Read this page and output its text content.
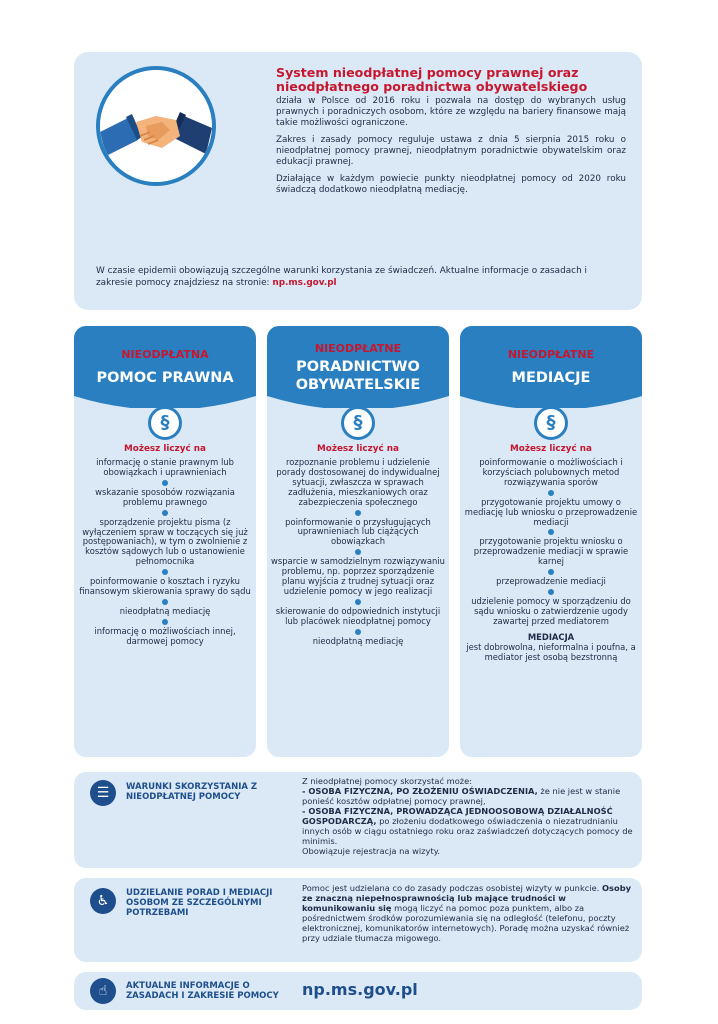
System nieodpłatnej pomocy prawnej oraz
nieodpłatnego poradnictwa obywatelskiego

działa w Polsce od 2016 roku i pozwala na dostęp do wybranych usług prawnych i poradniczych osobom, które ze względu na bariery finansowe mają takie możliwości ograniczone.

Zakres i zasady pomocy reguluje ustawa z dnia 5 sierpnia 2015 roku o nieodpłatnej pomocy prawnej, nieodpłatnym poradnictwie obywatelskim oraz edukacji prawnej.

Działające w każdym powiecie punkty nieodpłatnej pomocy od 2020 roku świadczą dodatkowo nieodpłatną mediację.

W czasie epidemii obowiązują szczególne warunki korzystania ze świadczeń. Aktualne informacje o zasadach i zakresie pomocy znajdziesz na stronie: np.ms.gov.pl
NIEODPŁATNA
POMOC PRAWNA
§
Możesz liczyć na
informację o stanie prawnym lub obowiązkach i uprawnieniach
wskazanie sposobów rozwiązania problemu prawnego
sporządzenie projektu pisma (z wyłączeniem spraw w toczących się już postępowaniach), w tym o zwolnienie z kosztów sądowych lub o ustanowienie pełnomocnika
poinformowanie o kosztach i ryzyku finansowym skierowania sprawy do sądu
nieodpłatną mediację
informację o możliwościach innej, darmowej pomocy
NIEODPŁATNE
PORADNICTWO
OBYWATELSKIE
§
Możesz liczyć na
rozpoznanie problemu i udzielenie porady dostosowanej do indywidualnej sytuacji, zwłaszcza w sprawach zadłużenia, mieszkaniowych oraz zabezpieczenia społecznego
poinformowanie o przysługujących uprawnieniach lub ciążących obowiązkach
wsparcie w samodzielnym rozwiązywaniu problemu, np. poprzez sporządzenie planu wyjścia z trudnej sytuacji oraz udzielenie pomocy w jego realizacji
skierowanie do odpowiednich instytucji lub placówek nieodpłatnej pomocy
nieodpłatną mediację
NIEODPŁATNE
MEDIACJE
§
Możesz liczyć na
poinformowanie o możliwościach i korzyściach polubownych metod rozwiązywania sporów
przygotowanie projektu umowy o mediację lub wniosku o przeprowadzenie mediacji
przygotowanie projektu wniosku o przeprowadzenie mediacji w sprawie karnej
przeprowadzenie mediacji
udzielenie pomocy w sporządzeniu do sądu wniosku o zatwierdzenie ugody zawartej przed mediatorem
MEDIACJA
jest dobrowolna, nieformalna i poufna, a mediator jest osobą bezstronną
☰	WARUNKI SKORZYSTANIA Z NIEODPŁATNEJ POMOCY
Z nieodpłatnej pomocy skorzystać może:
- OSOBA FIZYCZNA, PO ZŁOŻENIU OŚWIADCZENIA, że nie jest w stanie ponieść kosztów odpłatnej pomocy prawnej,
- OSOBA FIZYCZNA, PROWADZĄCA JEDNOOSOBOWĄ DZIAŁALNOŚĆ GOSPODARCZĄ, po złożeniu dodatkowego oświadczenia o niezatrudnianiu innych osób w ciągu ostatniego roku oraz zaświadczeń dotyczących pomocy de minimis.
Obowiązuje rejestracja na wizyty.
♿	UDZIELANIE PORAD I MEDIACJI OSOBOM ZE SZCZEGÓLNYMI POTRZEBAMI
Pomoc jest udzielana co do zasady podczas osobistej wizyty w punkcie. Osoby ze znaczną niepełnosprawnością lub mające trudności w komunikowaniu się mogą liczyć na pomoc poza punktem, albo za pośrednictwem środków porozumiewania się na odległość (telefonu, poczty elektronicznej, komunikatorów internetowych). Poradę można uzyskać również przy udziale tłumacza migowego.
☝	AKTUALNE INFORMACJE O ZASADACH I ZAKRESIE POMOCY	np.ms.gov.pl
